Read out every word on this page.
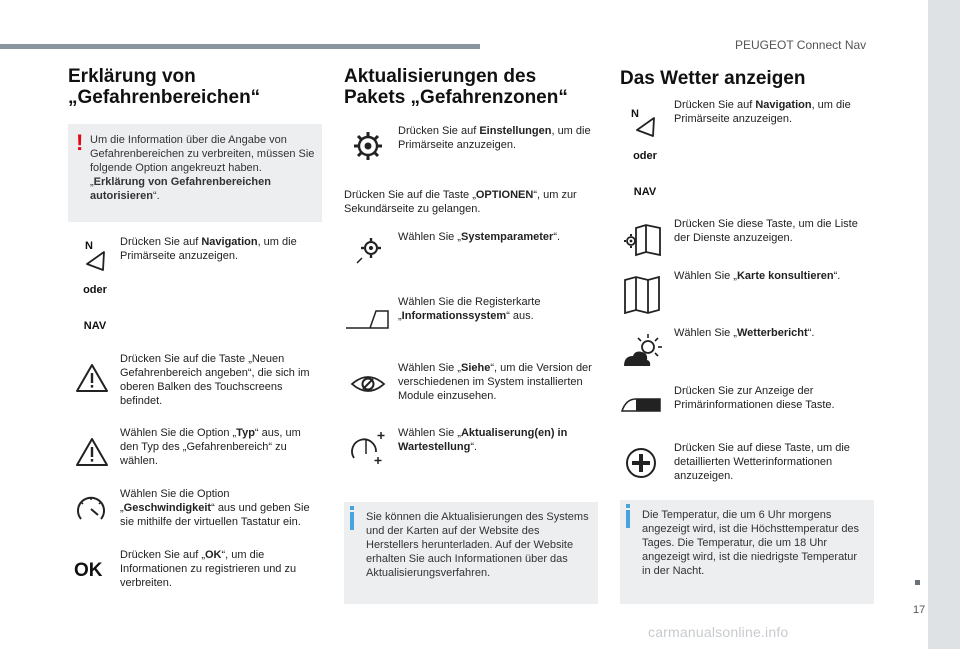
PEUGEOT Connect Nav
17
carmanualsonline.info
Erklärung von „Gefahrenbereichen“
! Um die Information über die Angabe von Gefahrenbereichen zu verbreiten, müssen Sie folgende Option angekreuzt haben. „Erklärung von Gefahrenbereichen autorisieren“.
N
oder
NAV
Drücken Sie auf Navigation, um die Primärseite anzuzeigen.
Drücken Sie auf die Taste „Neuen Gefahrenbereich angeben“, die sich im oberen Balken des Touchscreens befindet.
Wählen Sie die Option „Typ“ aus, um den Typ des „Gefahrenbereich“ zu wählen.
Wählen Sie die Option „Geschwindigkeit“ aus und geben Sie sie mithilfe der virtuellen Tastatur ein.
OK
Drücken Sie auf „OK“, um die Informationen zu registrieren und zu verbreiten.
Aktualisierungen des Pakets „Gefahrenzonen“
Drücken Sie auf Einstellungen, um die Primärseite anzuzeigen.
Drücken Sie auf die Taste „OPTIONEN“, um zur Sekundärseite zu gelangen.
Wählen Sie „Systemparameter“.
Wählen Sie die Registerkarte „Informationssystem“ aus.
Wählen Sie „Siehe“, um die Version der verschiedenen im System installierten Module einzusehen.
Wählen Sie „Aktualiserung(en) in Wartestellung“.
Sie können die Aktualisierungen des Systems und der Karten auf der Website des Herstellers herunterladen. Auf der Website erhalten Sie auch Informationen über das Aktualisierungsverfahren.
Das Wetter anzeigen
N
oder
NAV
Drücken Sie auf Navigation, um die Primärseite anzuzeigen.
Drücken Sie diese Taste, um die Liste der Dienste anzuzeigen.
Wählen Sie „Karte konsultieren“.
Wählen Sie „Wetterbericht“.
Drücken Sie zur Anzeige der Primärinformationen diese Taste.
Drücken Sie auf diese Taste, um die detaillierten Wetterinformationen anzuzeigen.
Die Temperatur, die um 6 Uhr morgens angezeigt wird, ist die Höchsttemperatur des Tages. Die Temperatur, die um 18 Uhr angezeigt wird, ist die niedrigste Temperatur in der Nacht.
